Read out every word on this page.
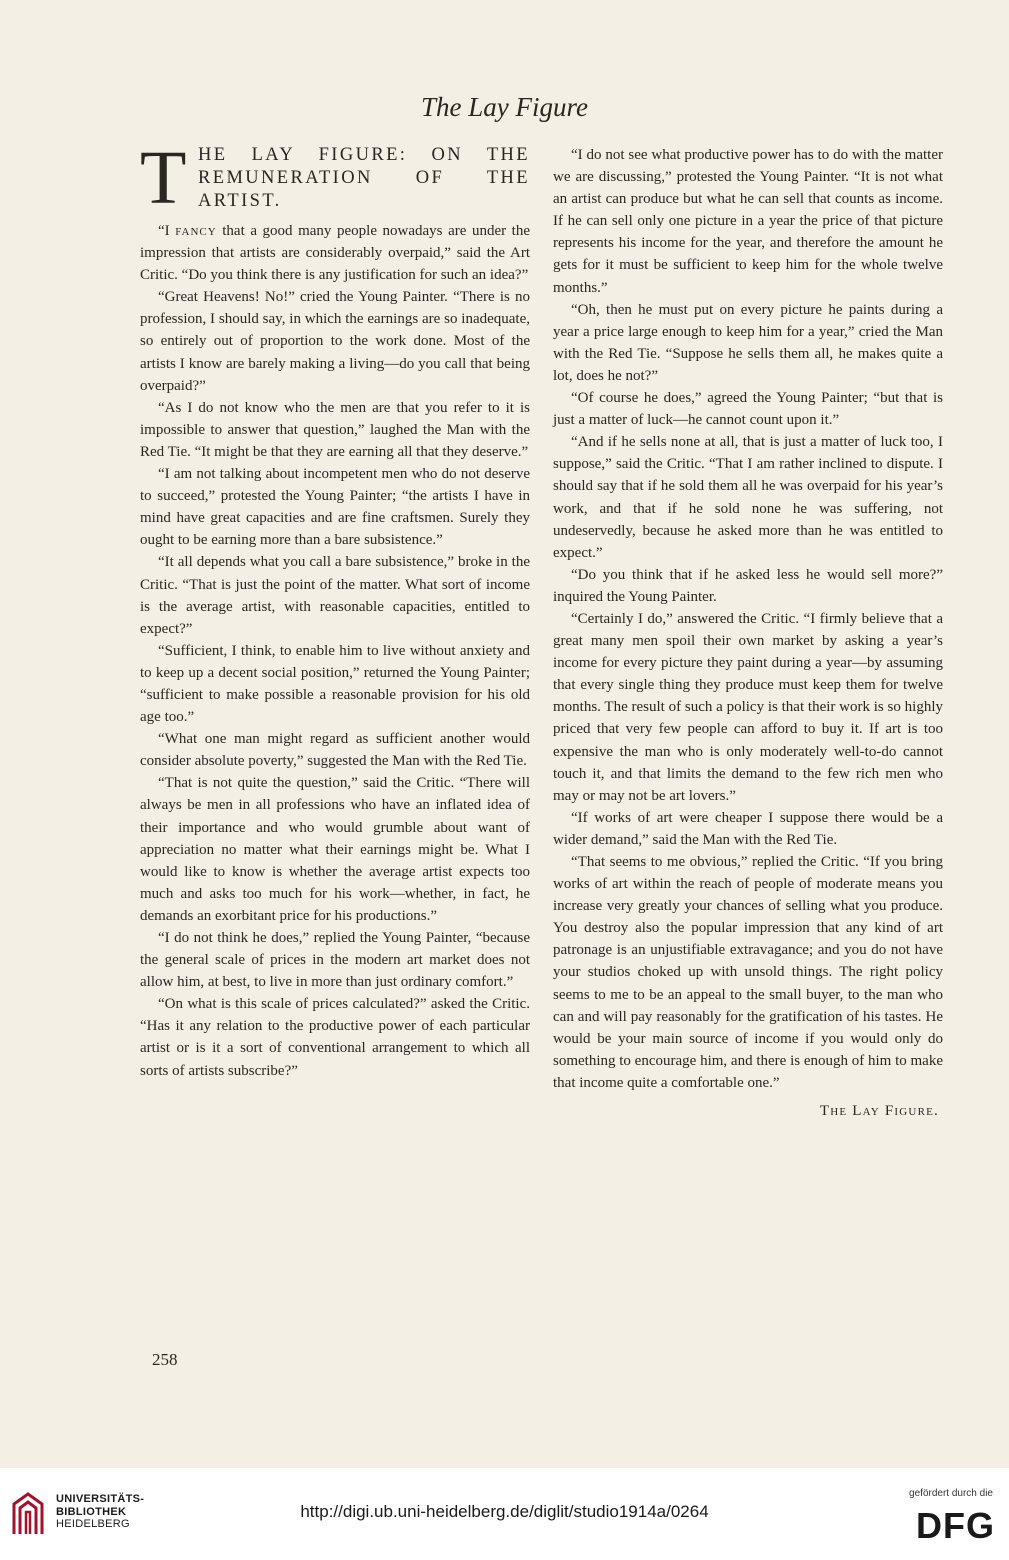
The Lay Figure
T HE LAY FIGURE: ON THE REMUNERATION OF THE ARTIST.

“I fancy that a good many people nowadays are under the impression that artists are considerably overpaid,” said the Art Critic. “Do you think there is any justification for such an idea?”

“Great Heavens! No!” cried the Young Painter. “There is no profession, I should say, in which the earnings are so inadequate, so entirely out of proportion to the work done. Most of the artists I know are barely making a living—do you call that being overpaid?”

“As I do not know who the men are that you refer to it is impossible to answer that question,” laughed the Man with the Red Tie. “It might be that they are earning all that they deserve.”

“I am not talking about incompetent men who do not deserve to succeed,” protested the Young Painter; “the artists I have in mind have great capacities and are fine craftsmen. Surely they ought to be earning more than a bare subsistence.”

“It all depends what you call a bare subsistence,” broke in the Critic. “That is just the point of the matter. What sort of income is the average artist, with reasonable capacities, entitled to expect?”

“Sufficient, I think, to enable him to live without anxiety and to keep up a decent social position,” returned the Young Painter; “sufficient to make possible a reasonable provision for his old age too.”

“What one man might regard as sufficient another would consider absolute poverty,” suggested the Man with the Red Tie.

“That is not quite the question,” said the Critic. “There will always be men in all professions who have an inflated idea of their importance and who would grumble about want of appreciation no matter what their earnings might be. What I would like to know is whether the average artist expects too much and asks too much for his work—whether, in fact, he demands an exorbitant price for his productions.”

“I do not think he does,” replied the Young Painter, “because the general scale of prices in the modern art market does not allow him, at best, to live in more than just ordinary comfort.”

“On what is this scale of prices calculated?” asked the Critic. “Has it any relation to the productive power of each particular artist or is it a sort of conventional arrangement to which all sorts of artists subscribe?”

“I do not see what productive power has to do with the matter we are discussing,” protested the Young Painter. “It is not what an artist can produce but what he can sell that counts as income. If he can sell only one picture in a year the price of that picture represents his income for the year, and therefore the amount he gets for it must be sufficient to keep him for the whole twelve months.”

“Oh, then he must put on every picture he paints during a year a price large enough to keep him for a year,” cried the Man with the Red Tie. “Suppose he sells them all, he makes quite a lot, does he not?”

“Of course he does,” agreed the Young Painter; “but that is just a matter of luck—he cannot count upon it.”

“And if he sells none at all, that is just a matter of luck too, I suppose,” said the Critic. “That I am rather inclined to dispute. I should say that if he sold them all he was overpaid for his year’s work, and that if he sold none he was suffering, not undeservedly, because he asked more than he was entitled to expect.”

“Do you think that if he asked less he would sell more?” inquired the Young Painter.

“Certainly I do,” answered the Critic. “I firmly believe that a great many men spoil their own market by asking a year’s income for every picture they paint during a year—by assuming that every single thing they produce must keep them for twelve months. The result of such a policy is that their work is so highly priced that very few people can afford to buy it. If art is too expensive the man who is only moderately well-to-do cannot touch it, and that limits the demand to the few rich men who may or may not be art lovers.”

“If works of art were cheaper I suppose there would be a wider demand,” said the Man with the Red Tie.

“That seems to me obvious,” replied the Critic. “If you bring works of art within the reach of people of moderate means you increase very greatly your chances of selling what you produce. You destroy also the popular impression that any kind of art patronage is an unjustifiable extravagance; and you do not have your studios choked up with unsold things. The right policy seems to me to be an appeal to the small buyer, to the man who can and will pay reasonably for the gratification of his tastes. He would be your main source of income if you would only do something to encourage him, and there is enough of him to make that income quite a comfortable one.”

The Lay Figure.
258
UNIVERSITÄTS-
BIBLIOTHEK
HEIDELBERG
http://digi.ub.uni-heidelberg.de/diglit/studio1914a/0264
gefördert durch die
DFG
